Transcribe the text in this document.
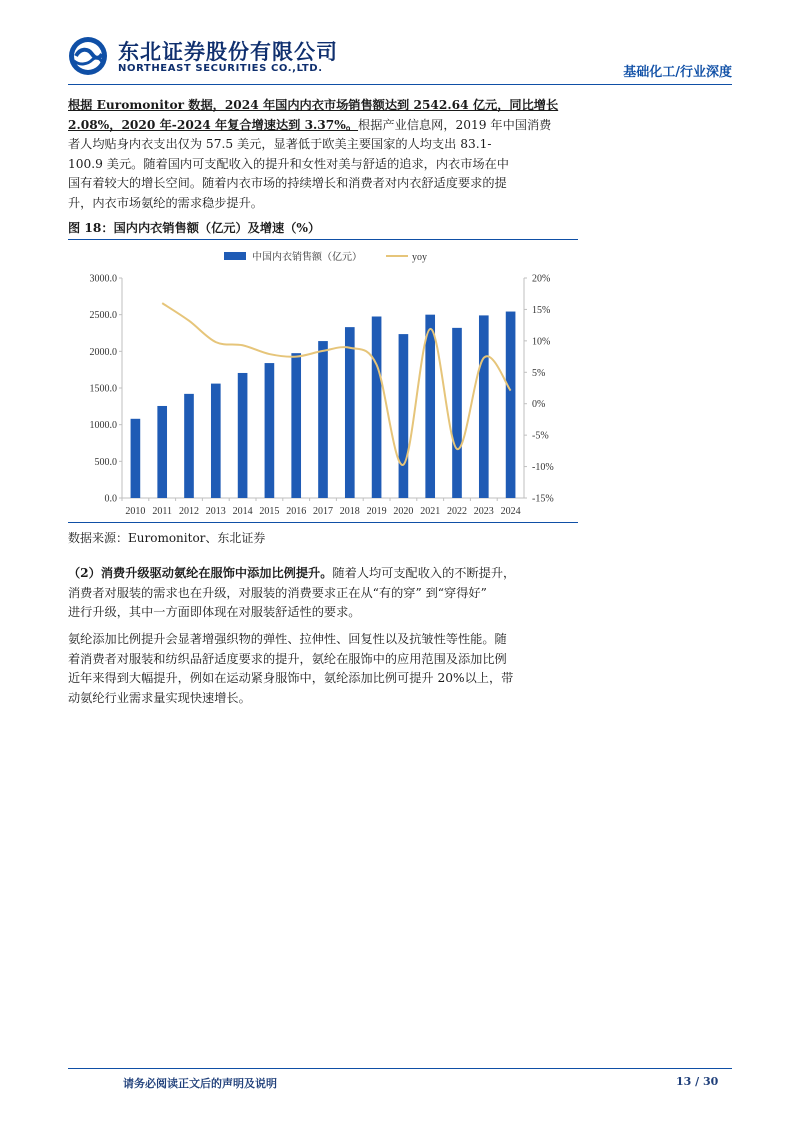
东北证券股份有限公司
NORTHEAST SECURITIES CO.,LTD.	基础化工/行业深度
根据 Euromonitor 数据，2024 年国内内衣市场销售额达到 2542.64 亿元，同比增长
2.08%，2020 年-2024 年复合增速达到 3.37%。根据产业信息网，2019 年中国消费
者人均贴身内衣支出仅为 57.5 美元，显著低于欧美主要国家的人均支出 83.1-
100.9 美元。随着国内可支配收入的提升和女性对美与舒适的追求，内衣市场在中
国有着较大的增长空间。随着内衣市场的持续增长和消费者对内衣舒适度要求的提
升，内衣市场氨纶的需求稳步提升。
图 18：国内内衣销售额（亿元）及增速（%）
0.0
500.0
1000.0
1500.0
2000.0
2500.0
3000.0
-15%
-10%
-5%
0%
5%
10%
15%
20%
2010 2011 2012 2013 2014 2015 2016 2017 2018 2019 2020 2021 2022 2023 2024
中国内衣销售额（亿元）	yoy
数据来源：Euromonitor、东北证券
（2）消费升级驱动氨纶在服饰中添加比例提升。随着人均可支配收入的不断提升，
消费者对服装的需求也在升级，对服装的消费要求正在从“有的穿” 到“穿得好”
进行升级，其中一方面即体现在对服装舒适性的要求。
氨纶添加比例提升会显著增强织物的弹性、拉伸性、回复性以及抗皱性等性能。随
着消费者对服装和纺织品舒适度要求的提升，氨纶在服饰中的应用范围及添加比例
近年来得到大幅提升，例如在运动紧身服饰中，氨纶添加比例可提升 20%以上，带
动氨纶行业需求量实现快速增长。
请务必阅读正文后的声明及说明	13 / 30
